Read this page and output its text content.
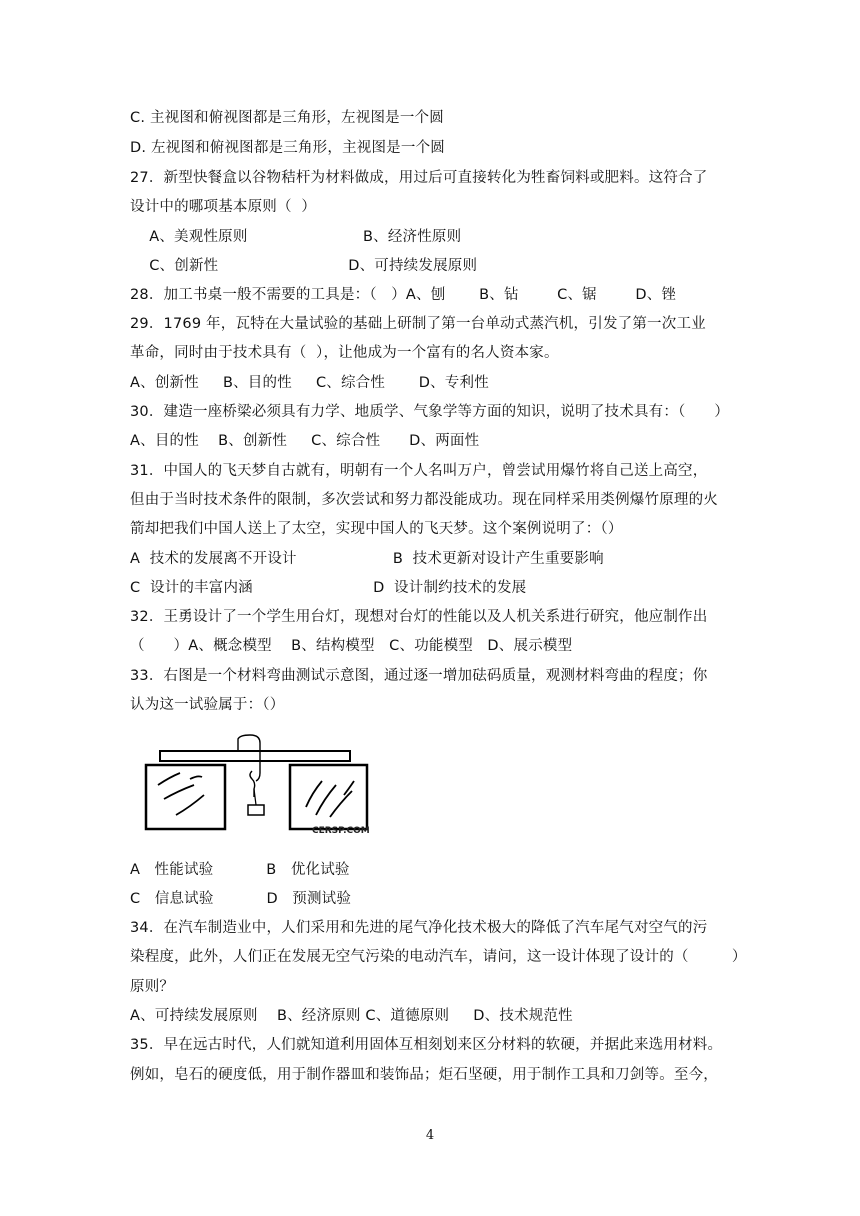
C. 主视图和俯视图都是三角形，左视图是一个圆
D. 左视图和俯视图都是三角形，主视图是一个圆
27．新型快餐盒以谷物秸杆为材料做成，用过后可直接转化为牲畜饲料或肥料。这符合了
设计中的哪项基本原则（  ）
A、美观性原则                        B、经济性原则
C、创新性                           D、可持续发展原则
28．加工书桌一般不需要的工具是：（   ）A、刨       B、钻        C、锯        D、锉
29．1769 年，瓦特在大量试验的基础上研制了第一台单动式蒸汽机，引发了第一次工业
革命，同时由于技术具有（  ），让他成为一个富有的名人资本家。
A、创新性     B、目的性     C、综合性       D、专利性
30．建造一座桥梁必须具有力学、地质学、气象学等方面的知识，说明了技术具有：（      ）
A、目的性    B、创新性     C、综合性      D、两面性
31．中国人的飞天梦自古就有，明朝有一个人名叫万户，曾尝试用爆竹将自己送上高空，
但由于当时技术条件的限制，多次尝试和努力都没能成功。现在同样采用类例爆竹原理的火
箭却把我们中国人送上了太空，实现中国人的飞天梦。这个案例说明了：（）
A  技术的发展离不开设计                    B  技术更新对设计产生重要影响
C  设计的丰富内涵                         D  设计制约技术的发展
32．王勇设计了一个学生用台灯，现想对台灯的性能以及人机关系进行研究，他应制作出
（      ）A、概念模型    B、结构模型   C、功能模型   D、展示模型
33．右图是一个材料弯曲测试示意图，通过逐一增加砝码质量，观测材料弯曲的程度；你
认为这一试验属于：（）
CERSP.COM
A   性能试验           B   优化试验
C   信息试验           D   预测试验
34．在汽车制造业中，人们采用和先进的尾气净化技术极大的降低了汽车尾气对空气的污
染程度，此外，人们正在发展无空气污染的电动汽车，请问，这一设计体现了设计的（         ）
原则？
A、可持续发展原则    B、经济原则 C、道德原则     D、技术规范性
35．早在远古时代，人们就知道利用固体互相刻划来区分材料的软硬，并据此来选用材料。
例如，皂石的硬度低，用于制作器皿和装饰品；炬石坚硬，用于制作工具和刀剑等。至今，
4
